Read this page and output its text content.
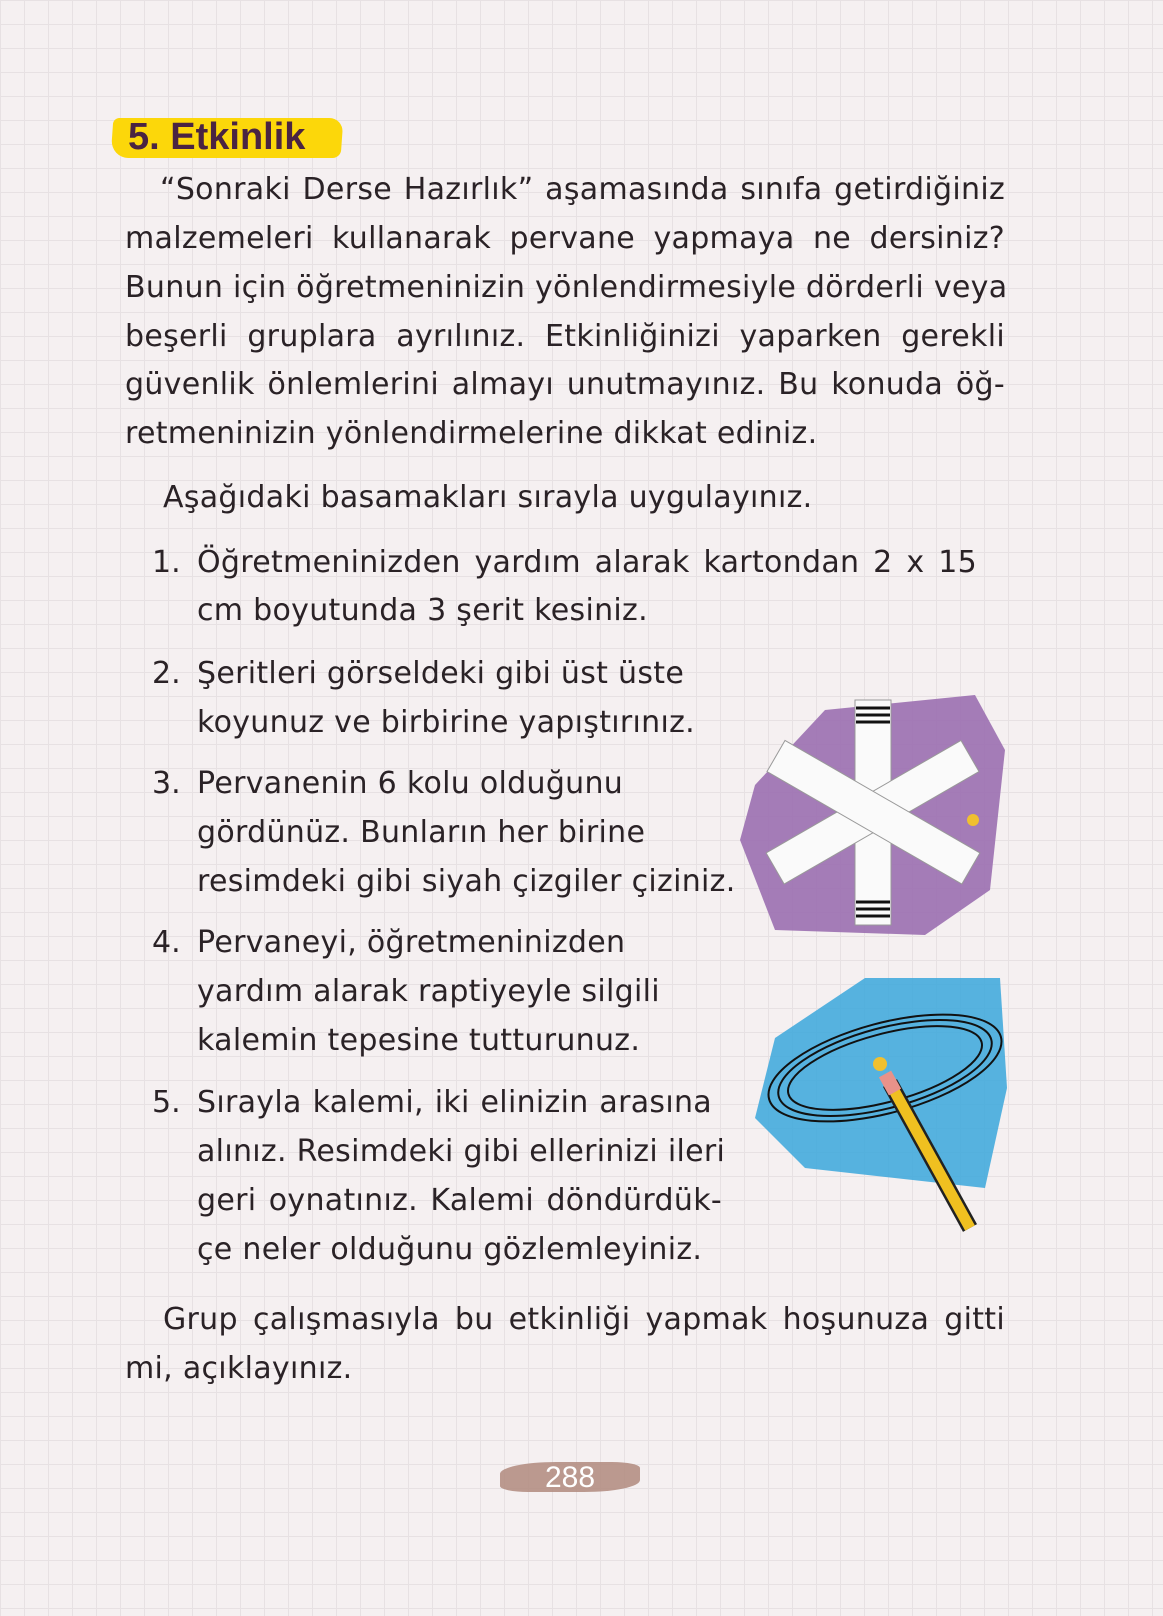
5. Etkinlik
“Sonraki Derse Hazırlık” aşamasında sınıfa getirdiğiniz
malzemeleri kullanarak pervane yapmaya ne dersiniz?
Bunun için öğretmeninizin yönlendirmesiyle dörderli veya
beşerli gruplara ayrılınız. Etkinliğinizi yaparken gerekli
güvenlik önlemlerini almayı unutmayınız. Bu konuda öğ-
retmeninizin yönlendirmelerine dikkat ediniz.
Aşağıdaki basamakları sırayla uygulayınız.
1. Öğretmeninizden yardım alarak kartondan 2 x 15
cm boyutunda 3 şerit kesiniz.
2. Şeritleri görseldeki gibi üst üste
koyunuz ve birbirine yapıştırınız.
3. Pervanenin 6 kolu olduğunu
gördünüz. Bunların her birine
resimdeki gibi siyah çizgiler çiziniz.
4. Pervaneyi, öğretmeninizden
yardım alarak raptiyeyle silgili
kalemin tepesine tutturunuz.
5. Sırayla kalemi, iki elinizin arasına
alınız. Resimdeki gibi ellerinizi ileri
geri oynatınız. Kalemi döndürdük-
çe neler olduğunu gözlemleyiniz.
Grup çalışmasıyla bu etkinliği yapmak hoşunuza gitti
mi, açıklayınız.
288
